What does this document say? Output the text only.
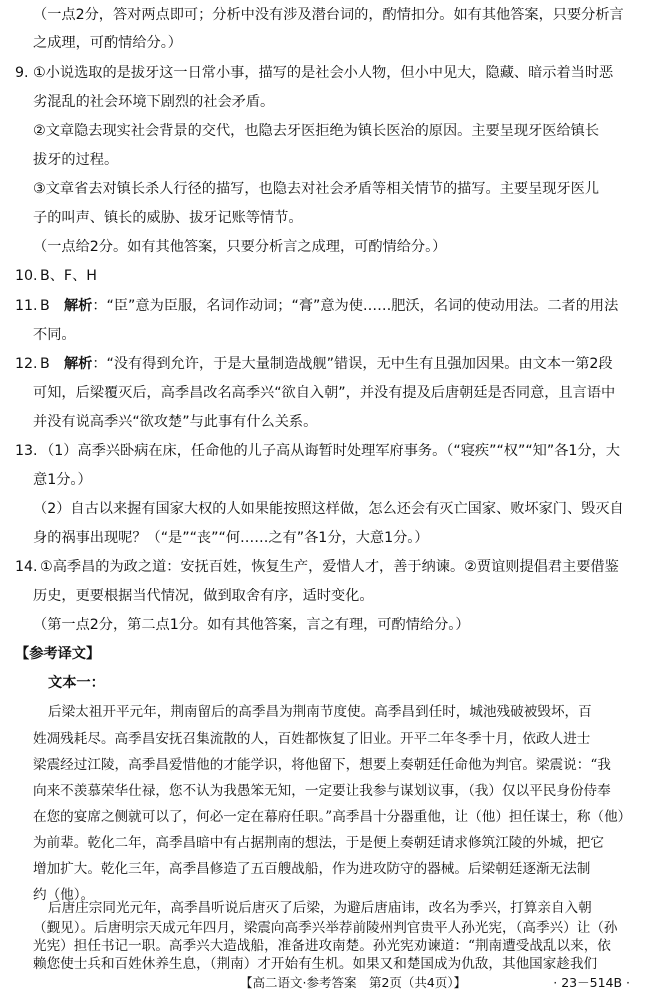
（一点2分，答对两点即可；分析中没有涉及潜台词的，酌情扣分。如有其他答案，只要分析言

之成理，可酌情给分。）

9. ①小说选取的是拔牙这一日常小事，描写的是社会小人物，但小中见大，隐藏、暗示着当时恶

劣混乱的社会环境下剧烈的社会矛盾。

②文章隐去现实社会背景的交代，也隐去牙医拒绝为镇长医治的原因。主要呈现牙医给镇长

拔牙的过程。

③文章省去对镇长杀人行径的描写，也隐去对社会矛盾等相关情节的描写。主要呈现牙医儿

子的叫声、镇长的威胁、拔牙记账等情节。

（一点给2分。如有其他答案，只要分析言之成理，可酌情给分。）

10. B、F、H

11. B　 解析：“臣”意为臣服，名词作动词；“膏”意为使……肥沃，名词的使动用法。二者的用法

不同。

12. B　 解析：“没有得到允许，于是大量制造战舰”错误，无中生有且强加因果。由文本一第2段

可知，后梁覆灭后，高季昌改名高季兴“欲自入朝”，并没有提及后唐朝廷是否同意，且言语中

并没有说高季兴“欲攻楚”与此事有什么关系。

13. （1）高季兴卧病在床，任命他的儿子高从诲暂时处理军府事务。（“寝疾”“权”“知”各1分，大

意1分。）

（2）自古以来握有国家大权的人如果能按照这样做，怎么还会有灭亡国家、败坏家门、毁灭自

身的祸事出现呢？（“是”“丧”“何……之有”各1分，大意1分。）

14. ①高季昌的为政之道：安抚百姓，恢复生产，爱惜人才，善于纳谏。②贾谊则提倡君主要借鉴

历史，更要根据当代情况，做到取舍有序，适时变化。

（第一点2分，第二点1分。如有其他答案，言之有理，可酌情给分。）

【参考译文】

文本一：

后梁太祖开平元年，荆南留后的高季昌为荆南节度使。高季昌到任时，城池残破被毁坏，百

姓凋残耗尽。高季昌安抚召集流散的人，百姓都恢复了旧业。开平二年冬季十月，依政人进士

梁震经过江陵，高季昌爱惜他的才能学识，将他留下，想要上奏朝廷任命他为判官。梁震说：“我

向来不羡慕荣华仕禄，您不认为我愚笨无知，一定要让我参与谋划议事，（我）仅以平民身份侍奉

在您的宴席之侧就可以了，何必一定在幕府任职。”高季昌十分器重他，让（他）担任谋士，称（他）

为前辈。乾化二年，高季昌暗中有占据荆南的想法，于是便上奏朝廷请求修筑江陵的外城，把它

增加扩大。乾化三年，高季昌修造了五百艘战船，作为进攻防守的器械。后梁朝廷逐渐无法制

约（他）。

后唐庄宗同光元年，高季昌听说后唐灭了后梁，为避后唐庙讳，改名为季兴，打算亲自入朝

（觐见）。后唐明宗天成元年四月，梁震向高季兴举荐前陵州判官贵平人孙光宪，（高季兴）让（孙

光宪）担任书记一职。高季兴大造战船，准备进攻南楚。孙光宪劝谏道：“荆南遭受战乱以来，依

赖您使士兵和百姓休养生息，（荆南）才开始有生机。如果又和楚国成为仇敌，其他国家趁我们

【高二语文·参考答案　第2页（共4页）】	· 23－514B ·
